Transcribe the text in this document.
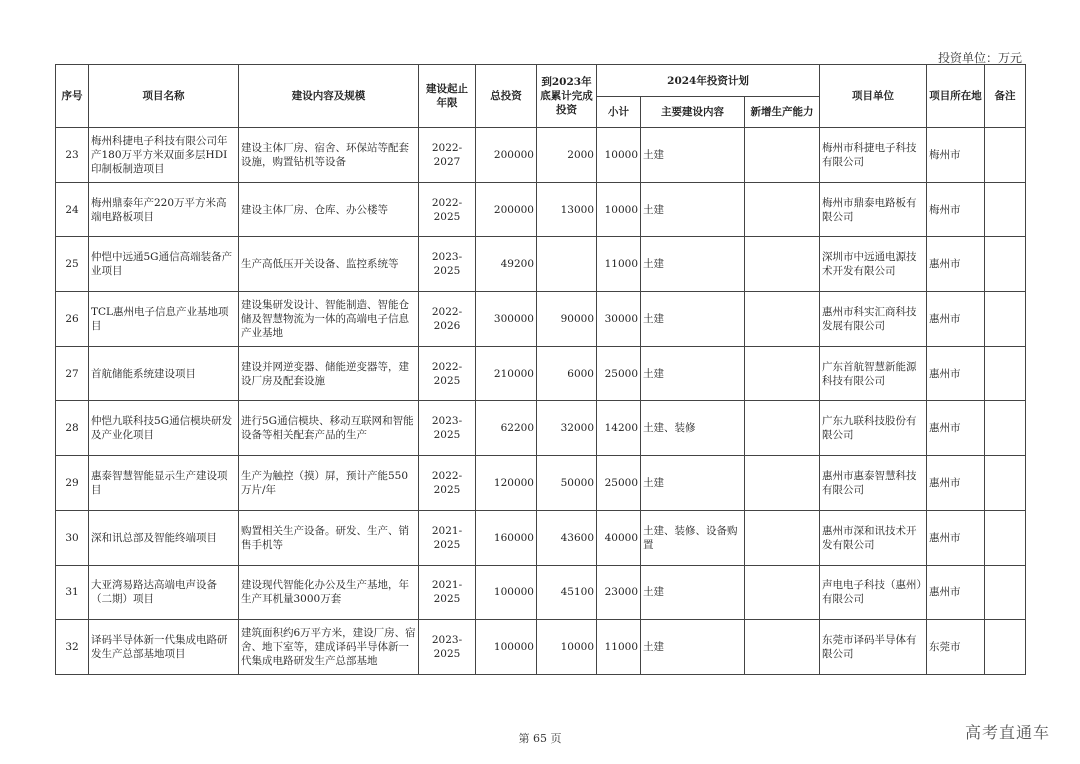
投资单位：万元
序号	项目名称	建设内容及规模	建设起止年限	总投资	到2023年底累计完成投资	2024年投资计划			项目单位	项目所在地	备注
						小计	主要建设内容	新增生产能力			
23	梅州科捷电子科技有限公司年产180万平方米双面多层HDI印制板制造项目	建设主体厂房、宿舍、环保站等配套设施，购置钻机等设备	2022-2027	200000	2000	10000	土建		梅州市科捷电子科技有限公司	梅州市	
24	梅州鼎泰年产220万平方米高端电路板项目	建设主体厂房、仓库、办公楼等	2022-2025	200000	13000	10000	土建		梅州市鼎泰电路板有限公司	梅州市	
25	仲恺中远通5G通信高端装备产业项目	生产高低压开关设备、监控系统等	2023-2025	49200		11000	土建		深圳市中远通电源技术开发有限公司	惠州市	
26	TCL惠州电子信息产业基地项目	建设集研发设计、智能制造、智能仓储及智慧物流为一体的高端电子信息产业基地	2022-2026	300000	90000	30000	土建		惠州市科实汇商科技发展有限公司	惠州市	
27	首航储能系统建设项目	建设并网逆变器、储能逆变器等，建设厂房及配套设施	2022-2025	210000	6000	25000	土建		广东首航智慧新能源科技有限公司	惠州市	
28	仲恺九联科技5G通信模块研发及产业化项目	进行5G通信模块、移动互联网和智能设备等相关配套产品的生产	2023-2025	62200	32000	14200	土建、装修		广东九联科技股份有限公司	惠州市	
29	惠泰智慧智能显示生产建设项目	生产为触控（摸）屏，预计产能550万片/年	2022-2025	120000	50000	25000	土建		惠州市惠泰智慧科技有限公司	惠州市	
30	深和讯总部及智能终端项目	购置相关生产设备。研发、生产、销售手机等	2021-2025	160000	43600	40000	土建、装修、设备购置		惠州市深和讯技术开发有限公司	惠州市	
31	大亚湾易路达高端电声设备（二期）项目	建设现代智能化办公及生产基地，年生产耳机量3000万套	2021-2025	100000	45100	23000	土建		声电电子科技（惠州）有限公司	惠州市	
32	译码半导体新一代集成电路研发生产总部基地项目	建筑面积约6万平方米，建设厂房、宿舍、地下室等，建成译码半导体新一代集成电路研发生产总部基地	2023-2025	100000	10000	11000	土建		东莞市译码半导体有限公司	东莞市	
第 65 页	高考直通车
